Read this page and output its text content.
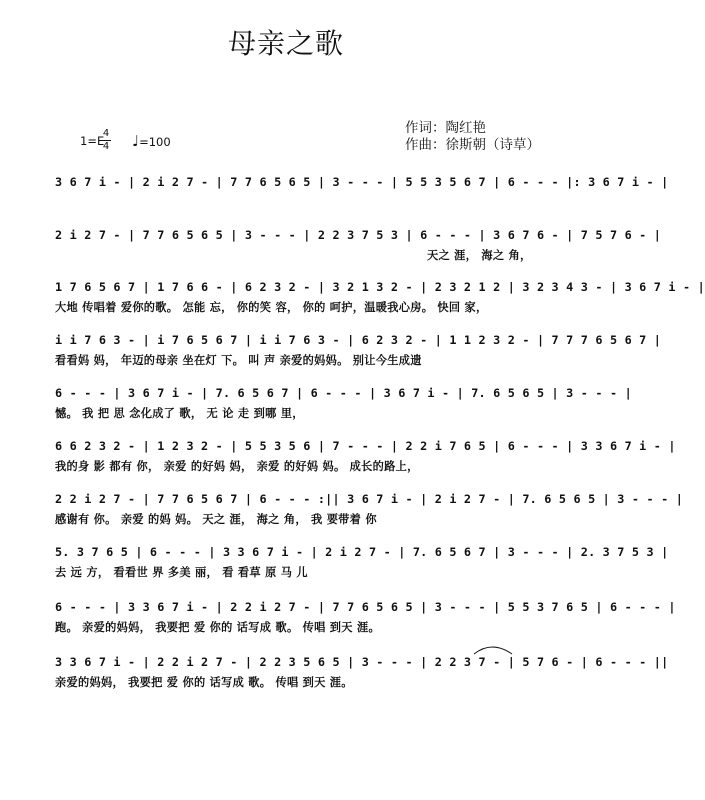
母亲之歌
作词：陶红艳
作曲：徐斯朝（诗草）
1=E
4
4 ♩=100
3 6 7 i - | 2 i 2 7 - | 7 7 6 5 6 5 | 3 - - - | 5 5 3 5 6 7 | 6 - - - |: 3 6 7 i - |
2 i 2 7 - | 7 7 6 5 6 5 | 3 - - - | 2 2 3 7 5 3 | 6 - - - | 3 6 7 6 - | 7 5 7 6 - |
天之 涯， 海之 角，
1 7 6 5 6 7 | 1 7 6 6 - | 6 2 3 2 - | 3 2 1 3 2 - | 2 3 2 1 2 | 3 2 3 4 3 - | 3 6 7 i - |
大地 传唱着 爱你的歌。 怎能 忘， 你的笑 容， 你的 呵护，温暖我心房。 快回 家，
i i 7 6 3 - | i 7 6 5 6 7 | i i 7 6 3 - | 6 2 3 2 - | 1 1 2 3 2 - | 7 7 7 6 5 6 7 |
看看妈 妈， 年迈的母亲 坐在灯 下。 叫 声 亲爱的妈妈。 别让今生成遗
6 - - - | 3 6 7 i - | 7. 6 5 6 7 | 6 - - - | 3 6 7 i - | 7. 6 5 6 5 | 3 - - - |
憾。 我 把 思 念化成了 歌， 无 论 走 到哪 里，
6 6 2 3 2 - | 1 2 3 2 - | 5 5 3 5 6 | 7 - - - | 2 2 i 7 6 5 | 6 - - - | 3 3 6 7 i - |
我的身 影 都有 你， 亲爱 的好妈 妈， 亲爱 的好妈 妈。 成长的路上，
2 2 i 2 7 - | 7 7 6 5 6 7 | 6 - - - :|| 3 6 7 i - | 2 i 2 7 - | 7. 6 5 6 5 | 3 - - - |
感谢有 你。 亲爱 的妈 妈。 天之 涯， 海之 角， 我 要带着 你
5. 3 7 6 5 | 6 - - - | 3 3 6 7 i - | 2 i 2 7 - | 7. 6 5 6 7 | 3 - - - | 2. 3 7 5 3 |
去 远 方， 看看世 界 多美 丽， 看 看草 原 马 儿
6 - - - | 3 3 6 7 i - | 2 2 i 2 7 - | 7 7 6 5 6 5 | 3 - - - | 5 5 3 7 6 5 | 6 - - - |
跑。 亲爱的妈妈， 我要把 爱 你的 话写成 歌。 传唱 到天 涯。
3 3 6 7 i - | 2 2 i 2 7 - | 2 2 3 5 6 5 | 3 - - - | 2 2 3 7 - | 5 7 6 - | 6 - - - ||
亲爱的妈妈， 我要把 爱 你的 话写成 歌。 传唱 到天 涯。
